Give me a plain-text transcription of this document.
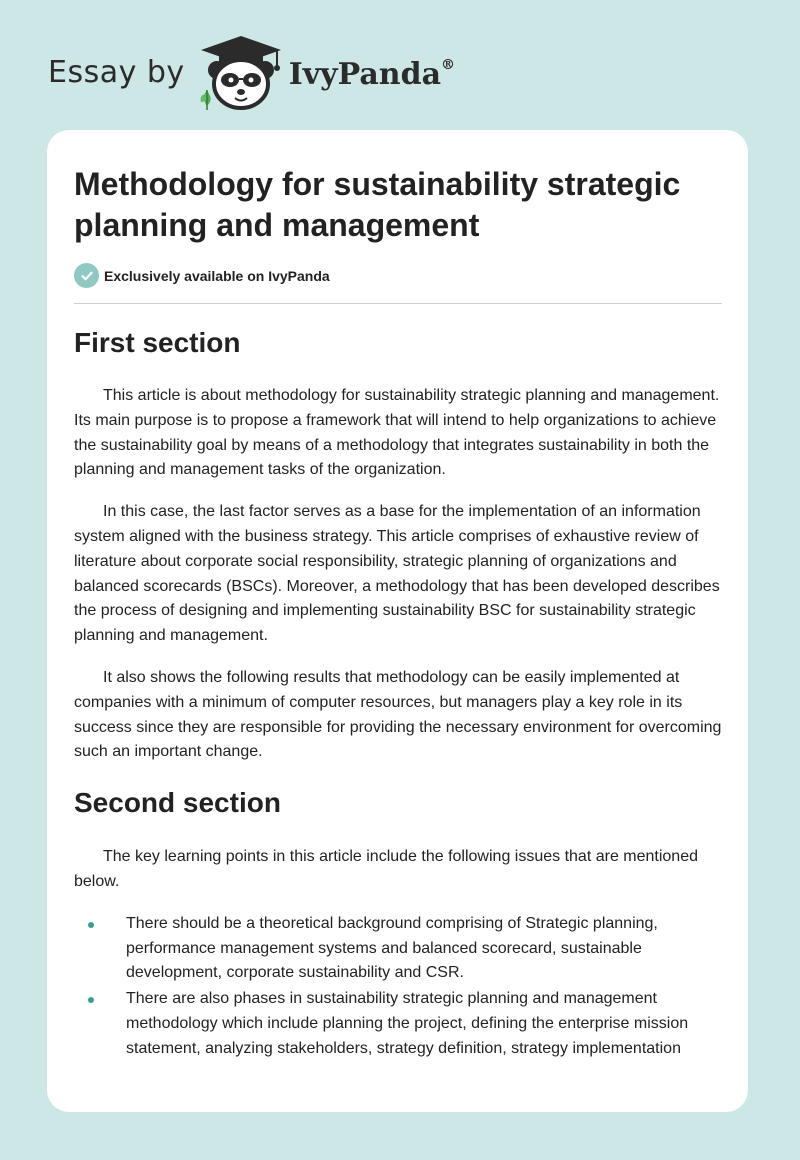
Essay by	IvyPanda®
Methodology for sustainability strategic planning and management
Exclusively available on IvyPanda
First section

This article is about methodology for sustainability strategic planning and management. Its main purpose is to propose a framework that will intend to help organizations to achieve the sustainability goal by means of a methodology that integrates sustainability in both the planning and management tasks of the organization.

In this case, the last factor serves as a base for the implementation of an information system aligned with the business strategy. This article comprises of exhaustive review of literature about corporate social responsibility, strategic planning of organizations and balanced scorecards (BSCs). Moreover, a methodology that has been developed describes the process of designing and implementing sustainability BSC for sustainability strategic planning and management.

It also shows the following results that methodology can be easily implemented at companies with a minimum of computer resources, but managers play a key role in its success since they are responsible for providing the necessary environment for overcoming such an important change.

Second section

The key learning points in this article include the following issues that are mentioned below.

There should be a theoretical background comprising of Strategic planning, performance management systems and balanced scorecard, sustainable development, corporate sustainability and CSR.
There are also phases in sustainability strategic planning and management methodology which include planning the project, defining the enterprise mission statement, analyzing stakeholders, strategy definition, strategy implementation
